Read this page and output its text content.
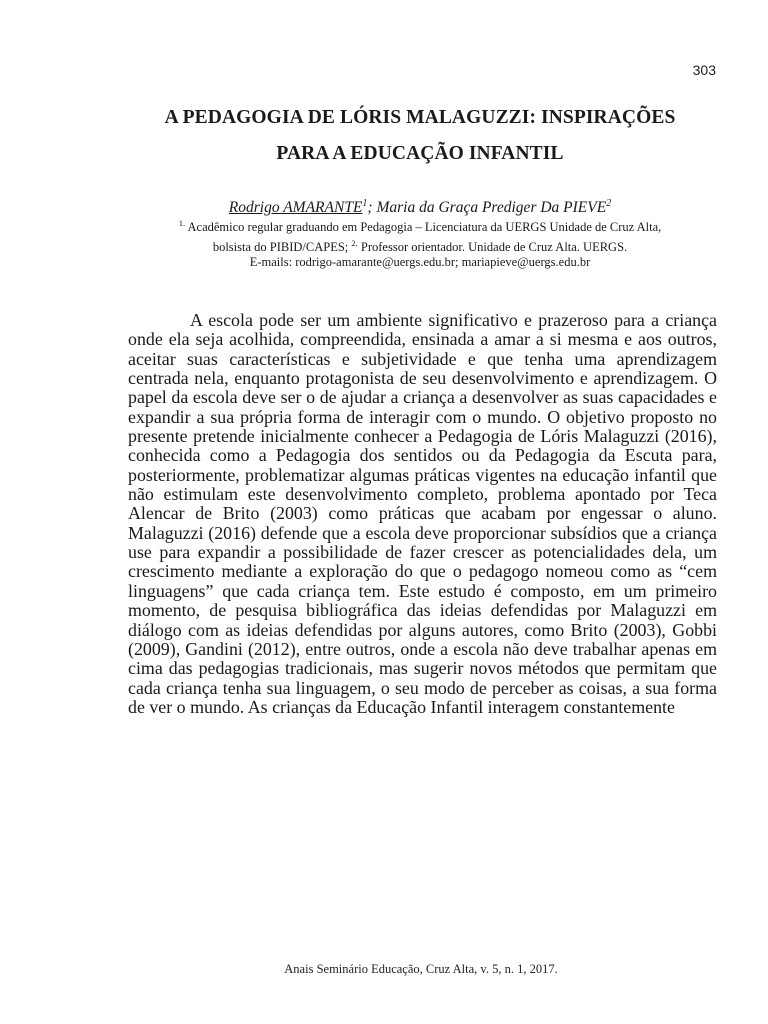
303
A PEDAGOGIA DE LÓRIS MALAGUZZI: INSPIRAÇÕES
PARA A EDUCAÇÃO INFANTIL
Rodrigo AMARANTE$^1$; Maria da Graça Prediger Da PIEVE$^2$
$^{1.}$ Acadêmico regular graduando em Pedagogia – Licenciatura da UERGS Unidade de Cruz Alta,
bolsista do PIBID/CAPES; $^{2.}$ Professor orientador. Unidade de Cruz Alta. UERGS.
E-mails: rodrigo-amarante@uergs.edu.br; mariapieve@uergs.edu.br

A escola pode ser um ambiente significativo e prazeroso para a criança onde ela seja acolhida, compreendida, ensinada a amar a si mesma e aos outros, aceitar suas características e subjetividade e que tenha uma aprendizagem centrada nela, enquanto protagonista de seu desenvolvimento e aprendizagem. O papel da escola deve ser o de ajudar a criança a desenvolver as suas capacidades e expandir a sua própria forma de interagir com o mundo. O objetivo proposto no presente pretende inicialmente conhecer a Pedagogia de Lóris Malaguzzi (2016), conhecida como a Pedagogia dos sentidos ou da Pedagogia da Escuta para, posteriormente, problematizar algumas práticas vigentes na educação infantil que não estimulam este desenvolvimento completo, problema apontado por Teca Alencar de Brito (2003) como práticas que acabam por engessar o aluno. Malaguzzi (2016) defende que a escola deve proporcionar subsídios que a criança use para expandir a possibilidade de fazer crescer as potencialidades dela, um crescimento mediante a exploração do que o pedagogo nomeou como as “cem linguagens” que cada criança tem. Este estudo é composto, em um primeiro momento, de pesquisa bibliográfica das ideias defendidas por Malaguzzi em diálogo com as ideias defendidas por alguns autores, como Brito (2003), Gobbi (2009), Gandini (2012), entre outros, onde a escola não deve trabalhar apenas em cima das pedagogias tradicionais, mas sugerir novos métodos que permitam que cada criança tenha sua linguagem, o seu modo de perceber as coisas, a sua forma de ver o mundo. As crianças da Educação Infantil interagem constantemente

Anais Seminário Educação, Cruz Alta, v. 5, n. 1, 2017.
